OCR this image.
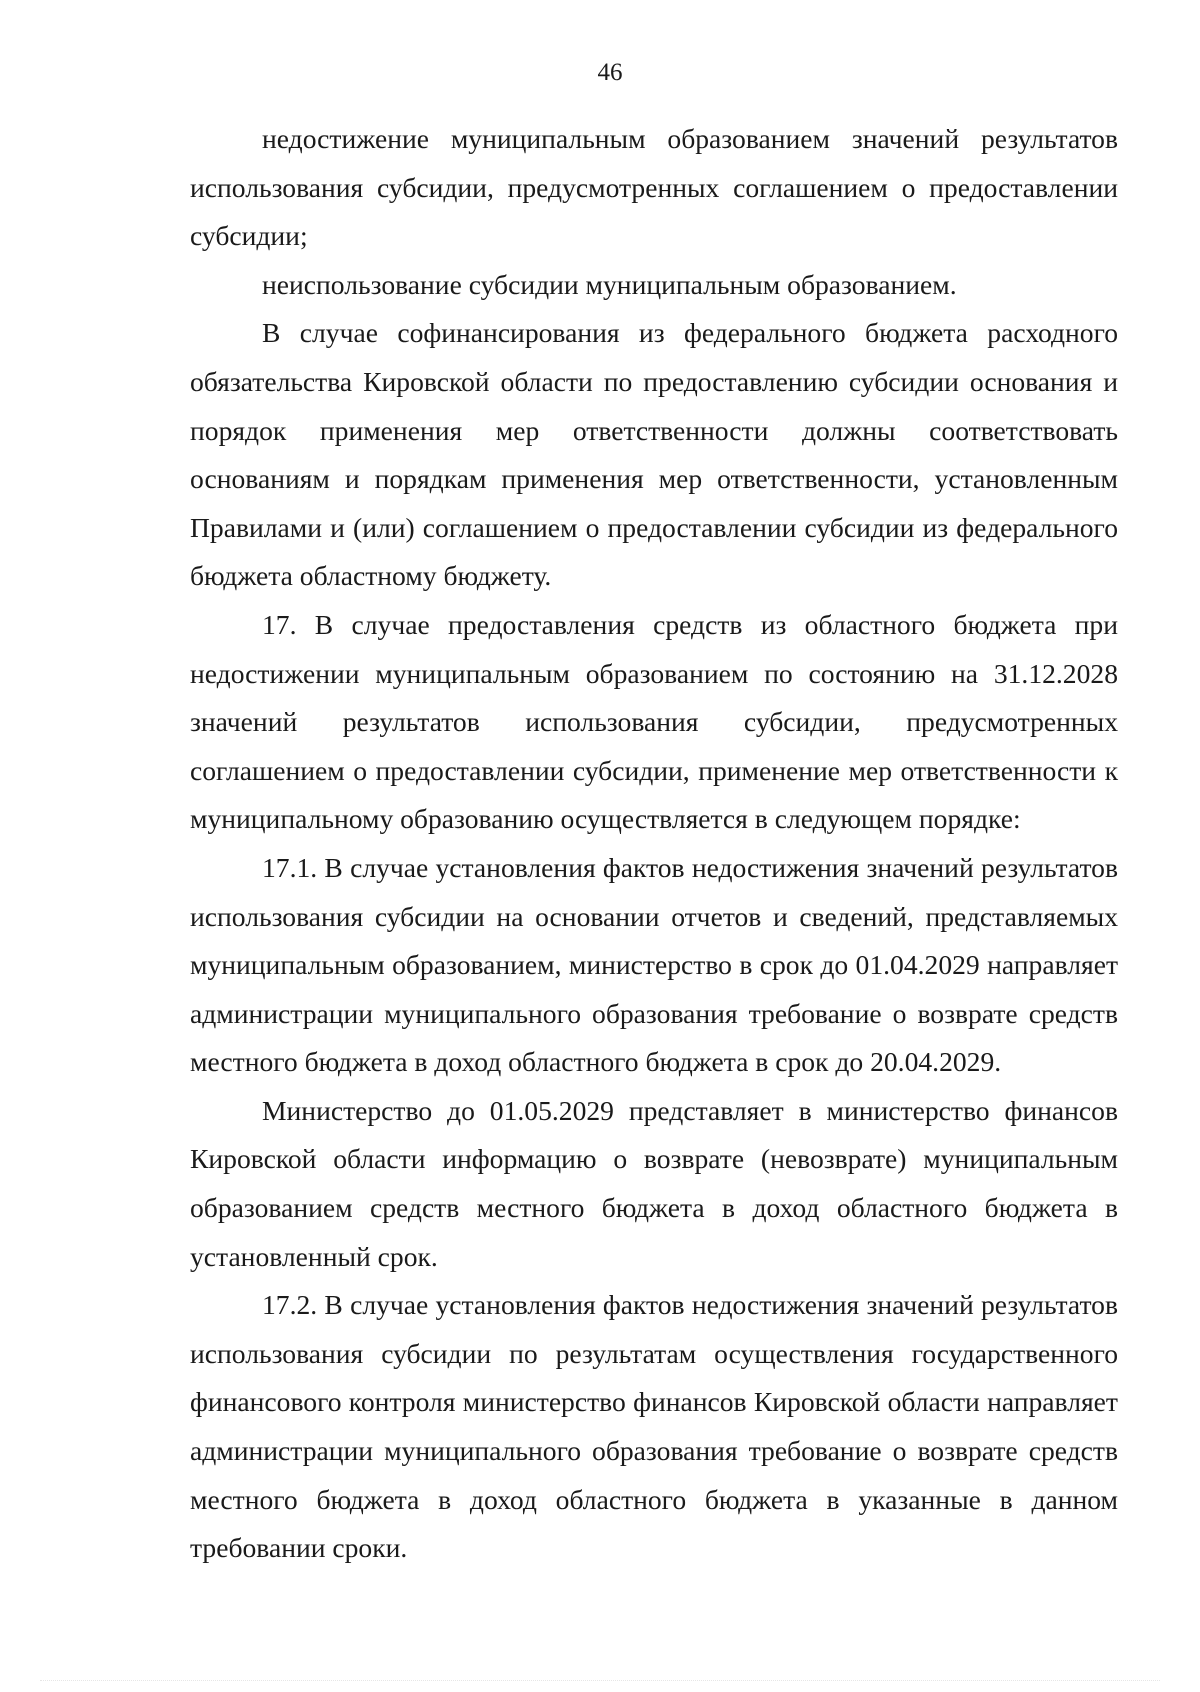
46

недостижение муниципальным образованием значений результатов использования субсидии, предусмотренных соглашением о предоставлении субсидии;

неиспользование субсидии муниципальным образованием.

В случае софинансирования из федерального бюджета расходного обязательства Кировской области по предоставлению субсидии основания и порядок применения мер ответственности должны соответствовать основаниям и порядкам применения мер ответственности, установленным Правилами и (или) соглашением о предоставлении субсидии из федерального бюджета областному бюджету.

17. В случае предоставления средств из областного бюджета при недостижении муниципальным образованием по состоянию на 31.12.2028 значений результатов использования субсидии, предусмотренных соглашением о предоставлении субсидии, применение мер ответственности к муниципальному образованию осуществляется в следующем порядке:

17.1. В случае установления фактов недостижения значений результатов использования субсидии на основании отчетов и сведений, представляемых муниципальным образованием, министерство в срок до 01.04.2029 направляет администрации муниципального образования требование о возврате средств местного бюджета в доход областного бюджета в срок до 20.04.2029.

Министерство до 01.05.2029 представляет в министерство финансов Кировской области информацию о возврате (невозврате) муниципальным образованием средств местного бюджета в доход областного бюджета в установленный срок.

17.2. В случае установления фактов недостижения значений результатов использования субсидии по результатам осуществления государственного финансового контроля министерство финансов Кировской области направляет администрации муниципального образования требование о возврате средств местного бюджета в доход областного бюджета в указанные в данном требовании сроки.
